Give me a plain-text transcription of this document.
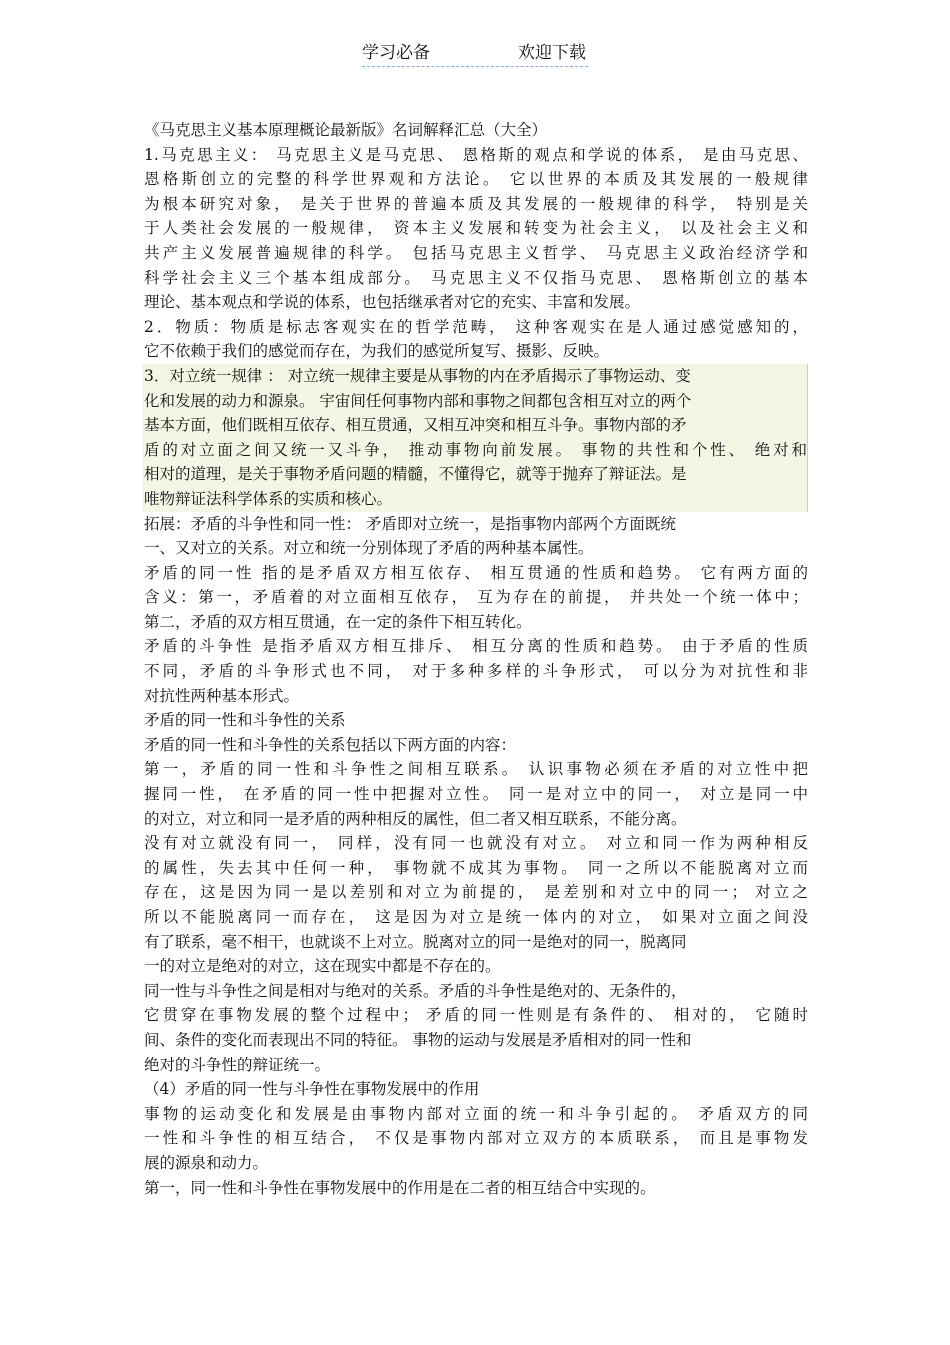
学习必备	欢迎下载
《马克思主义基本原理概论最新版》名词解释汇总（大全）
1.马克思主义： 马克思主义是马克思、 恩格斯的观点和学说的体系， 是由马克思、
恩格斯创立的完整的科学世界观和方法论。 它以世界的本质及其发展的一般规律
为根本研究对象， 是关于世界的普遍本质及其发展的一般规律的科学， 特别是关
于人类社会发展的一般规律， 资本主义发展和转变为社会主义， 以及社会主义和
共产主义发展普遍规律的科学。 包括马克思主义哲学、 马克思主义政治经济学和
科学社会主义三个基本组成部分。 马克思主义不仅指马克思、 恩格斯创立的基本
理论、基本观点和学说的体系，也包括继承者对它的充实、丰富和发展。
2．物质：物质是标志客观实在的哲学范畴， 这种客观实在是人通过感觉感知的，
它不依赖于我们的感觉而存在，为我们的感觉所复写、摄影、反映。
3．对立统一规律 ： 对立统一规律主要是从事物的内在矛盾揭示了事物运动、变
化和发展的动力和源泉。 宇宙间任何事物内部和事物之间都包含相互对立的两个
基本方面，他们既相互依存、相互贯通，又相互冲突和相互斗争。事物内部的矛
盾的对立面之间又统一又斗争， 推动事物向前发展。 事物的共性和个性、 绝对和
相对的道理，是关于事物矛盾问题的精髓，不懂得它，就等于抛弃了辩证法。是
唯物辩证法科学体系的实质和核心。
拓展：矛盾的斗争性和同一性： 矛盾即对立统一，是指事物内部两个方面既统
一、又对立的关系。对立和统一分别体现了矛盾的两种基本属性。
矛盾的同一性 指的是矛盾双方相互依存、 相互贯通的性质和趋势。 它有两方面的
含义：第一，矛盾着的对立面相互依存， 互为存在的前提， 并共处一个统一体中；
第二，矛盾的双方相互贯通，在一定的条件下相互转化。
矛盾的斗争性 是指矛盾双方相互排斥、 相互分离的性质和趋势。 由于矛盾的性质
不同，矛盾的斗争形式也不同， 对于多种多样的斗争形式， 可以分为对抗性和非
对抗性两种基本形式。
矛盾的同一性和斗争性的关系
矛盾的同一性和斗争性的关系包括以下两方面的内容：
第一，矛盾的同一性和斗争性之间相互联系。 认识事物必须在矛盾的对立性中把
握同一性， 在矛盾的同一性中把握对立性。 同一是对立中的同一， 对立是同一中
的对立，对立和同一是矛盾的两种相反的属性，但二者又相互联系，不能分离。
没有对立就没有同一， 同样，没有同一也就没有对立。 对立和同一作为两种相反
的属性，失去其中任何一种， 事物就不成其为事物。 同一之所以不能脱离对立而
存在，这是因为同一是以差别和对立为前提的， 是差别和对立中的同一； 对立之
所以不能脱离同一而存在， 这是因为对立是统一体内的对立， 如果对立面之间没
有了联系，毫不相干，也就谈不上对立。脱离对立的同一是绝对的同一，脱离同
一的对立是绝对的对立，这在现实中都是不存在的。
同一性与斗争性之间是相对与绝对的关系。矛盾的斗争性是绝对的、无条件的，
它贯穿在事物发展的整个过程中； 矛盾的同一性则是有条件的、 相对的， 它随时
间、条件的变化而表现出不同的特征。 事物的运动与发展是矛盾相对的同一性和
绝对的斗争性的辩证统一。
（4）矛盾的同一性与斗争性在事物发展中的作用
事物的运动变化和发展是由事物内部对立面的统一和斗争引起的。 矛盾双方的同
一性和斗争性的相互结合， 不仅是事物内部对立双方的本质联系， 而且是事物发
展的源泉和动力。
第一，同一性和斗争性在事物发展中的作用是在二者的相互结合中实现的。
